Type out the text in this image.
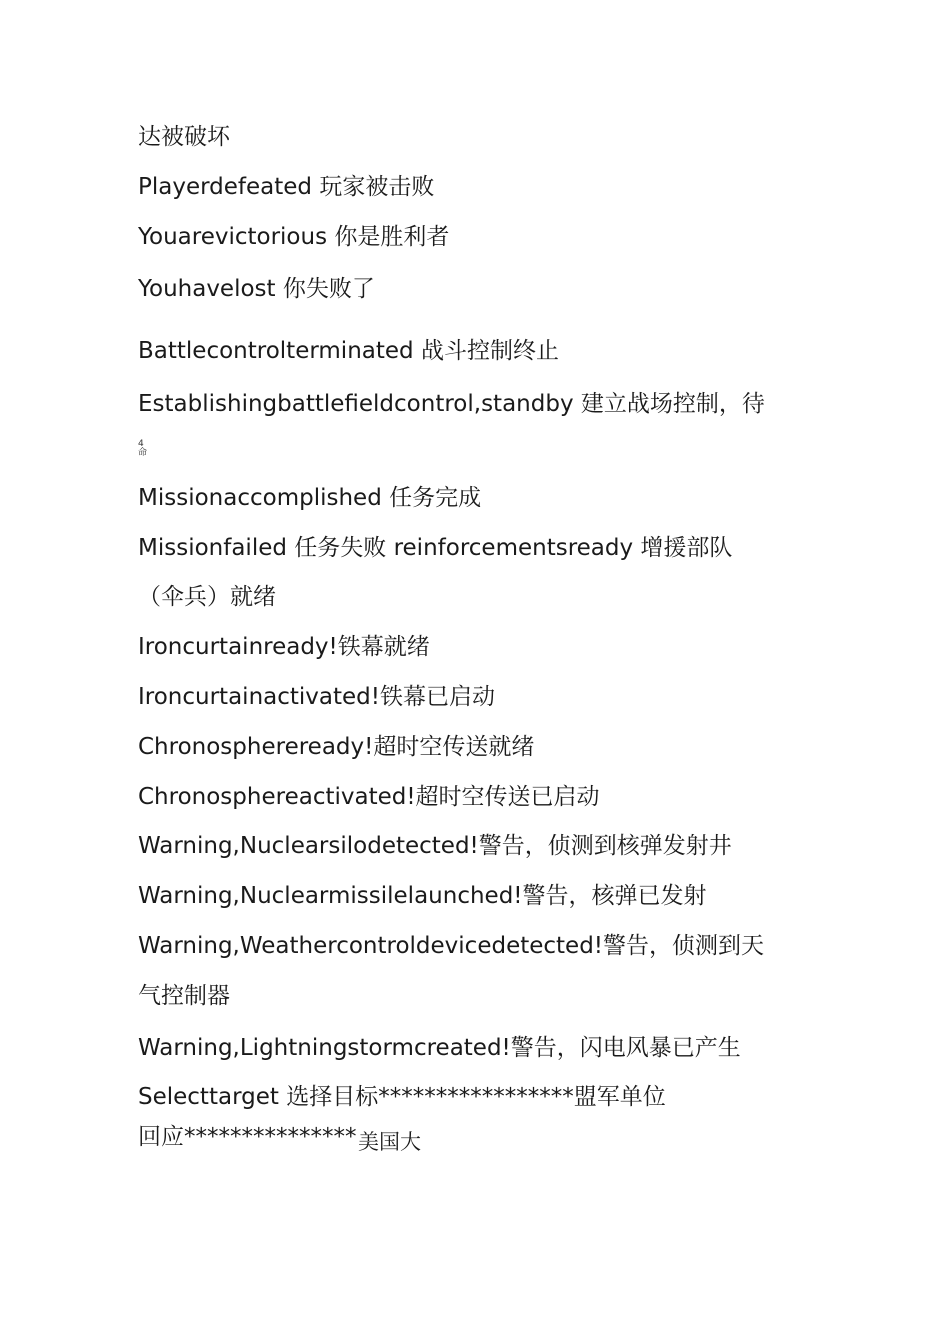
达被破坏

Playerdefeated 玩家被击败

Youarevictorious 你是胜利者

Youhavelost 你失败了

Battlecontrolterminated 战斗控制终止

Establishingbattlefieldcontrol,standby 建立战场控制，待

4
命

Missionaccomplished 任务完成

Missionfailed 任务失败 reinforcementsready 增援部队

（伞兵）就绪

Ironcurtainready!铁幕就绪

Ironcurtainactivated!铁幕已启动

Chronosphereready!超时空传送就绪

Chronosphereactivated!超时空传送已启动

Warning,Nuclearsilodetected!警告，侦测到核弹发射井

Warning,Nuclearmissilelaunched!警告，核弹已发射

Warning,Weathercontroldevicedetected!警告，侦测到天

气控制器

Warning,Lightningstormcreated!警告，闪电风暴已产生

Selecttarget 选择目标*****************盟军单位

回应*************** 美国大
